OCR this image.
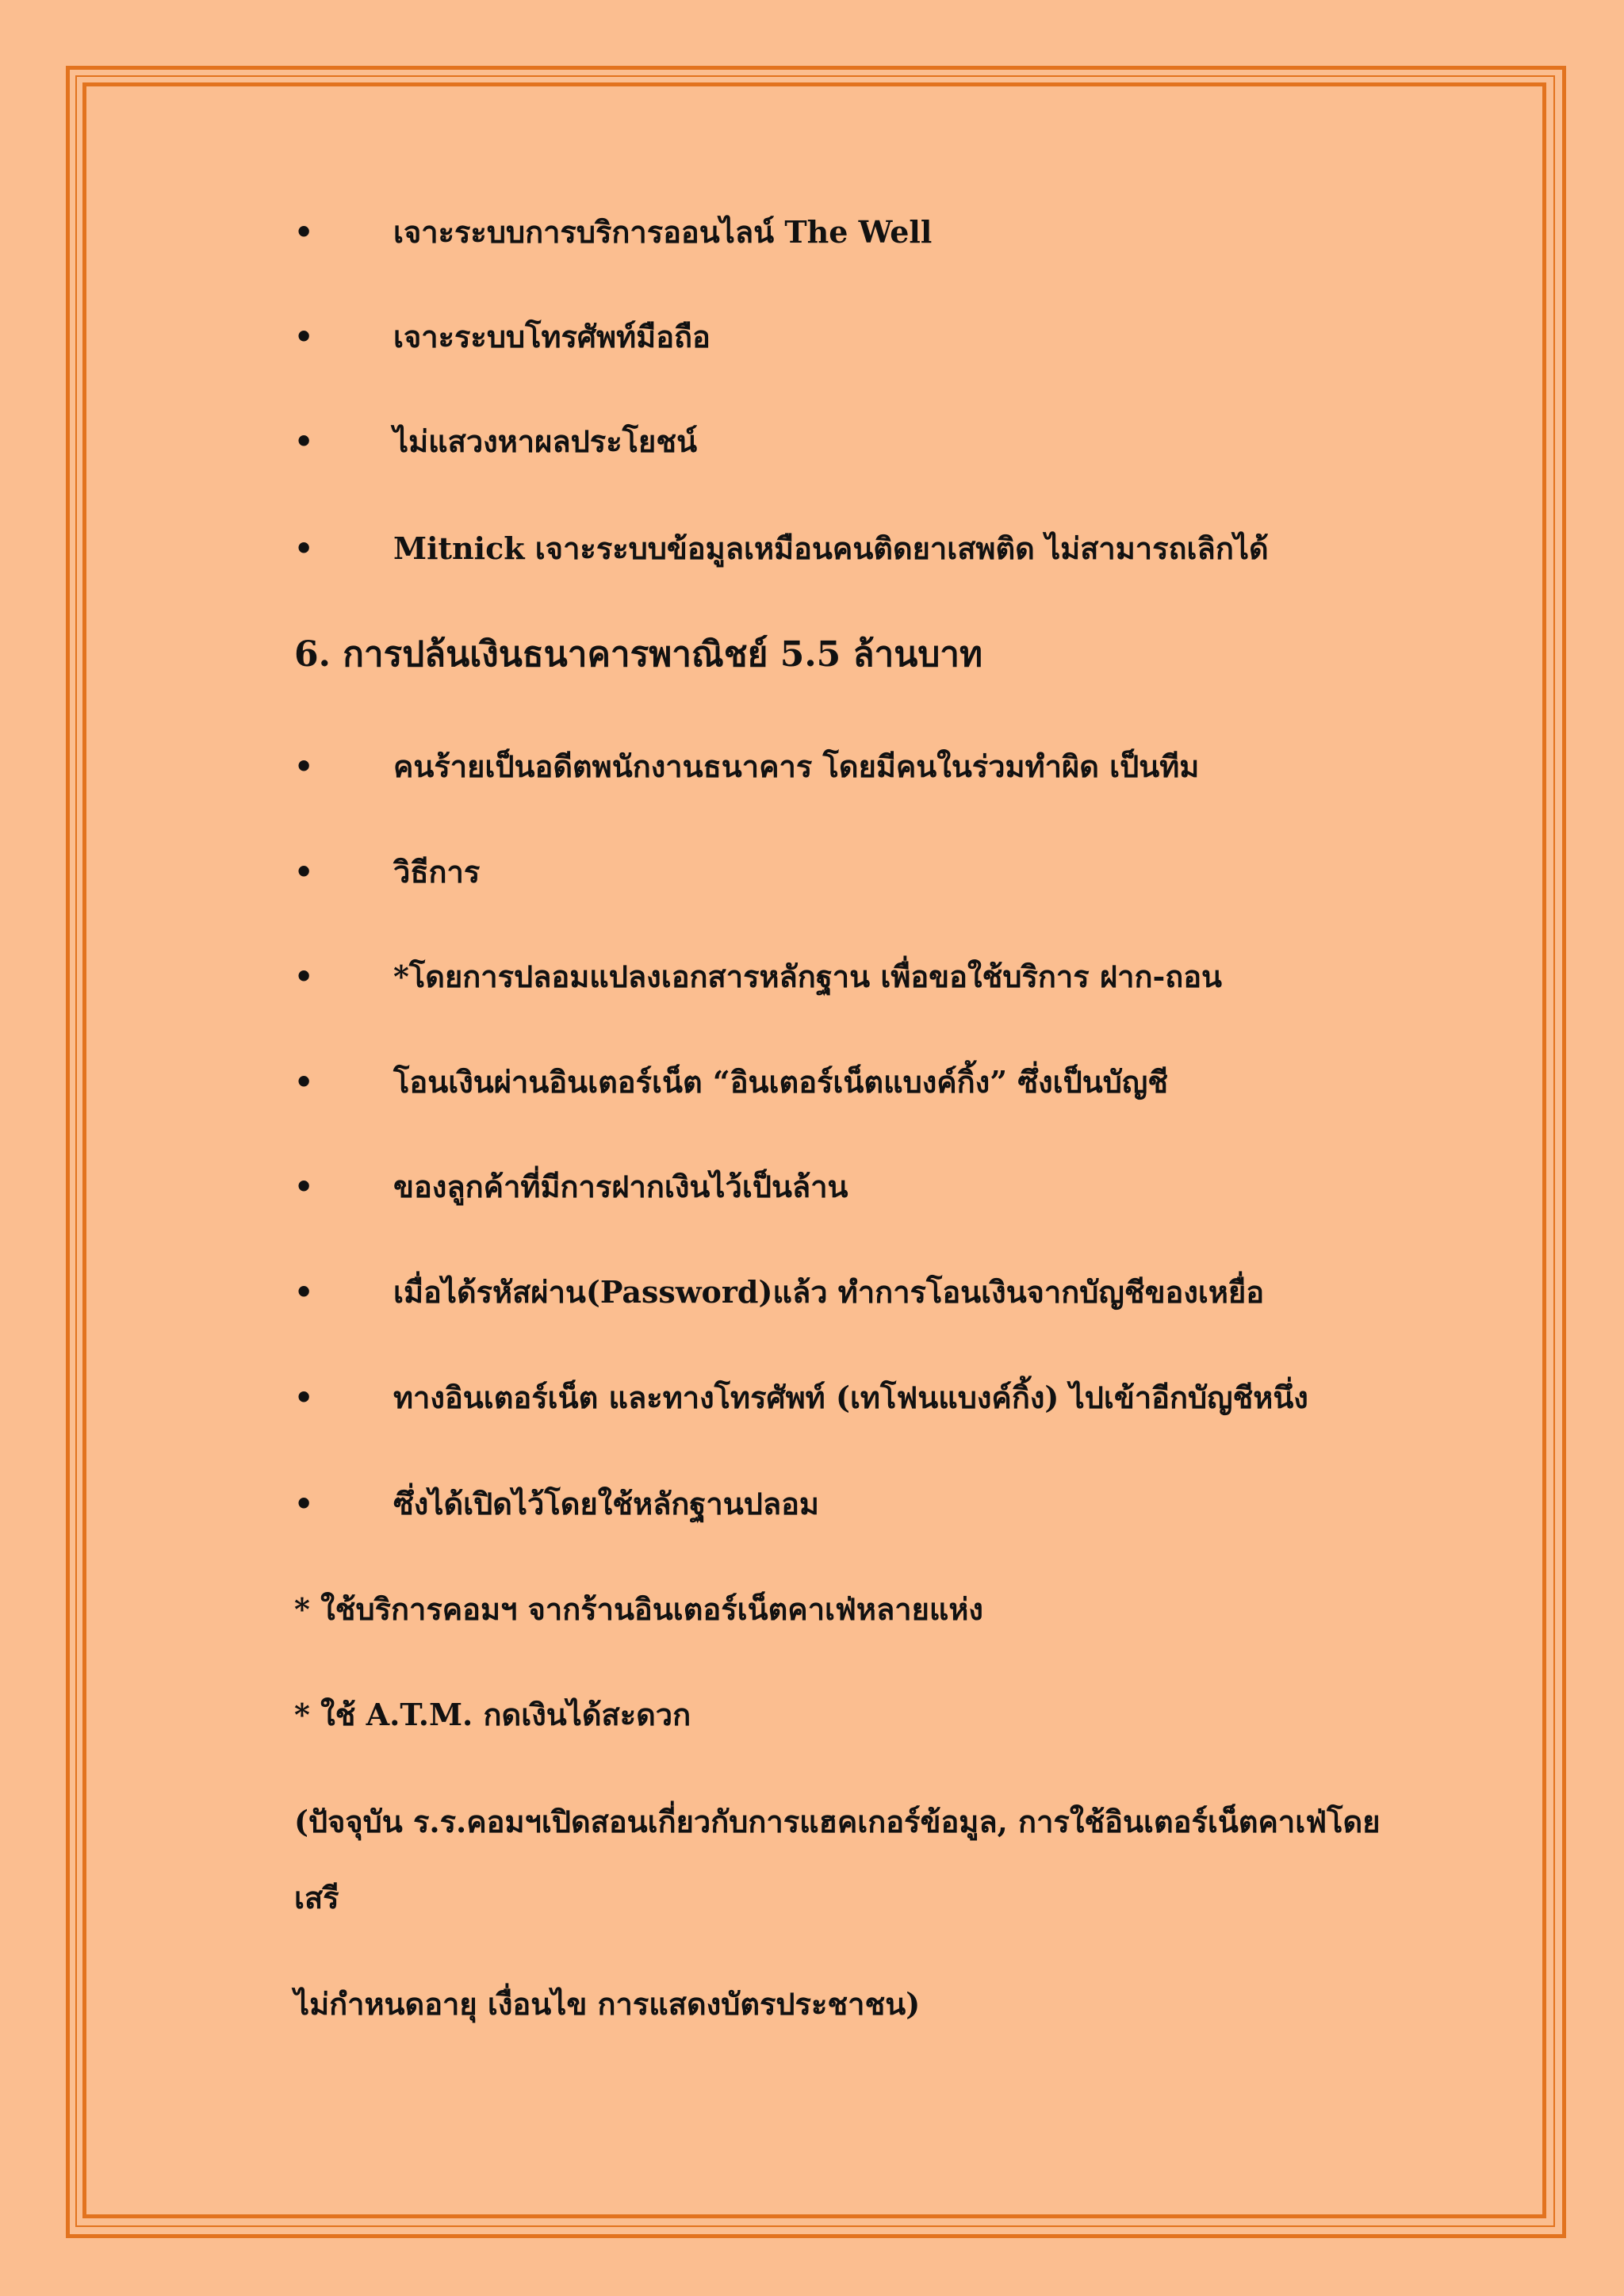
•	เจาะระบบการบริการออนไลน์ The Well
•	เจาะระบบโทรศัพท์มือถือ
•	ไม่แสวงหาผลประโยชน์
•	Mitnick เจาะระบบข้อมูลเหมือนคนติดยาเสพติด ไม่สามารถเลิกได้
6. การปล้นเงินธนาคารพาณิชย์ 5.5 ล้านบาท
•	คนร้ายเป็นอดีตพนักงานธนาคาร โดยมีคนในร่วมทำผิด เป็นทีม
•	วิธีการ
•	*โดยการปลอมแปลงเอกสารหลักฐาน เพื่อขอใช้บริการ ฝาก-ถอน
•	โอนเงินผ่านอินเตอร์เน็ต “อินเตอร์เน็ตแบงค์กิ้ง” ซึ่งเป็นบัญชี
•	ของลูกค้าที่มีการฝากเงินไว้เป็นล้าน
•	เมื่อได้รหัสผ่าน(Password)แล้ว ทำการโอนเงินจากบัญชีของเหยื่อ
•	ทางอินเตอร์เน็ต และทางโทรศัพท์ (เทโฟนแบงค์กิ้ง) ไปเข้าอีกบัญชีหนึ่ง
•	ซึ่งได้เปิดไว้โดยใช้หลักฐานปลอม
* ใช้บริการคอมฯ จากร้านอินเตอร์เน็ตคาเฟ่หลายแห่ง
* ใช้ A.T.M. กดเงินได้สะดวก
(ปัจจุบัน ร.ร.คอมฯเปิดสอนเกี่ยวกับการแฮคเกอร์ข้อมูล, การใช้อินเตอร์เน็ตคาเฟ่โดย
เสรี
ไม่กำหนดอายุ เงื่อนไข การแสดงบัตรประชาชน)
